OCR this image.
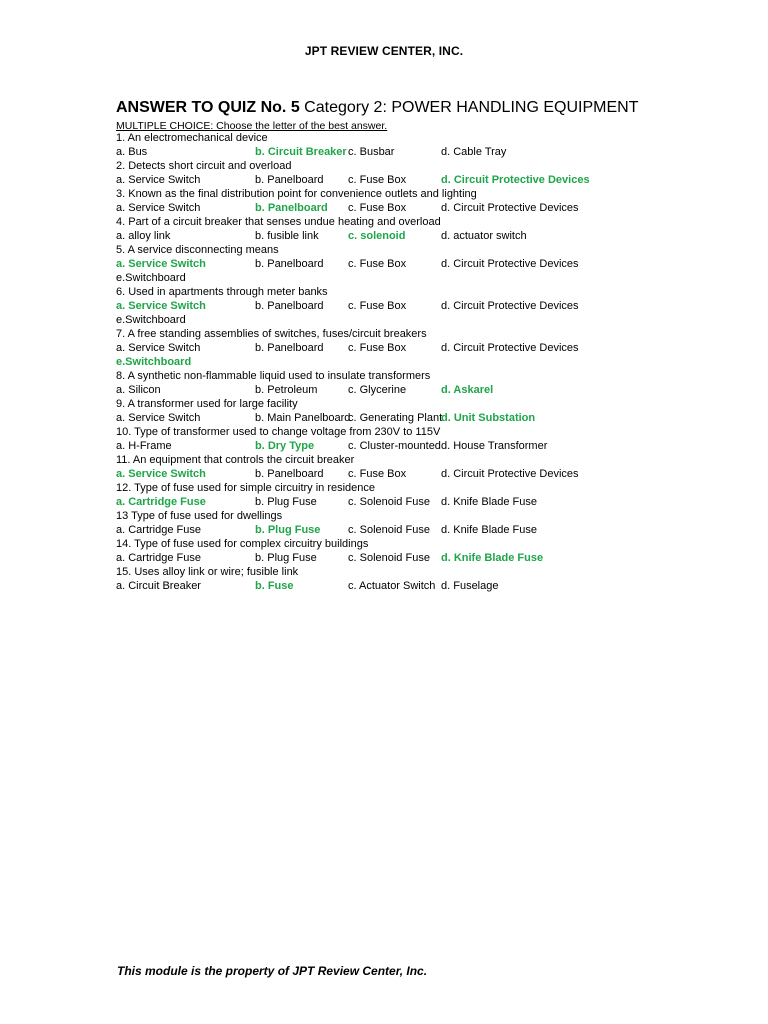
JPT REVIEW CENTER, INC.
ANSWER TO QUIZ No. 5 Category 2: POWER HANDLING EQUIPMENT
MULTIPLE CHOICE: Choose the letter of the best answer.
1. An electromechanical device
a. Bus	b. Circuit Breaker c. Busbar	d. Cable Tray
2. Detects short circuit and overload
a. Service Switch	b. Panelboard c. Fuse Box	d. Circuit Protective Devices
3. Known as the final distribution point for convenience outlets and lighting
a. Service Switch	b. Panelboard c. Fuse Box	d. Circuit Protective Devices
4. Part of a circuit breaker that senses undue heating and overload
a. alloy link	b. fusible link	c. solenoid	d. actuator switch
5. A service disconnecting means
a. Service Switch	b. Panelboard c. Fuse Box	d. Circuit Protective Devices
e.Switchboard
6. Used in apartments through meter banks
a. Service Switch	b. Panelboard c. Fuse Box	d. Circuit Protective Devices
e.Switchboard
7. A free standing assemblies of switches, fuses/circuit breakers
a. Service Switch	b. Panelboard c. Fuse Box	d. Circuit Protective Devices
e.Switchboard
8. A synthetic non-flammable liquid used to insulate transformers
a. Silicon	b. Petroleum	c. Glycerine	d. Askarel
9. A transformer used for large facility
a. Service Switch	b. Main Panelboard
c. Generating Plant
d. Unit Substation
10. Type of transformer used to change voltage from 230V to 115V
a. H-Frame	b. Dry Type	c. Cluster-mounted d. House Transformer
11. An equipment that controls the circuit breaker
a. Service Switch	b. Panelboard c. Fuse Box	d. Circuit Protective Devices
12. Type of fuse used for simple circuitry in residence
a. Cartridge Fuse	b. Plug Fuse	c. Solenoid Fuse d. Knife Blade Fuse
13 Type of fuse used for dwellings
a. Cartridge Fuse	b. Plug Fuse	c. Solenoid Fuse d. Knife Blade Fuse
14. Type of fuse used for complex circuitry buildings
a. Cartridge Fuse	b. Plug Fuse	c. Solenoid Fuse d. Knife Blade Fuse
15. Uses alloy link or wire; fusible link
a. Circuit Breaker	b. Fuse	c. Actuator Switch d. Fuselage
This module is the property of JPT Review Center, Inc.
